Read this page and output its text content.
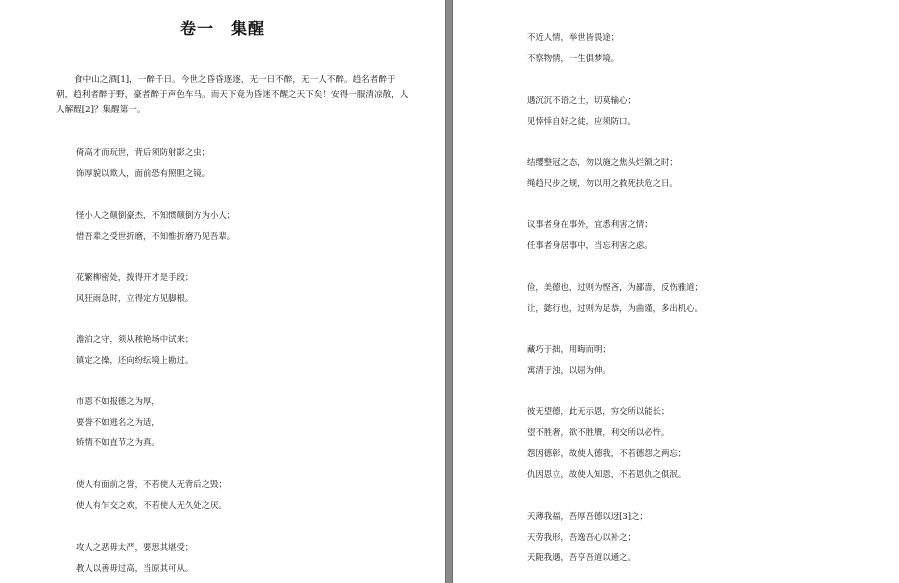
卷一　集醒
食中山之酒[1]，一醉千日。今世之昏昏逐逐，无一日不醉，无一人不醉。趋名者醉于朝，趋利者醉于野，豪者醉于声色车马。而天下竟为昏迷不醒之天下矣！安得一服清凉散，人人解酲[2]？集醒第一。
倚高才而玩世，背后须防射影之虫；
饰厚貌以欺人，面前恐有照胆之镜。
怪小人之颠倒豪杰，不知惯颠倒方为小人；
惜吾辈之受世折磨，不知惟折磨乃见吾辈。
花繁柳密处，拨得开才是手段；
风狂雨急时，立得定方见脚根。
澹泊之守，须从秾艳场中试来；
镇定之操，还向纷纭境上勘过。
市恩不如报德之为厚，
要誉不如逃名之为适，
矫情不如直节之为真。
使人有面前之誉，不若使人无背后之毁；
使人有乍交之欢，不若使人无久处之厌。
攻人之恶毋太严，要思其堪受；
教人以善毋过高，当原其可从。
不近人情，举世皆畏途；
不察物情，一生俱梦境。
遇沉沉不语之士，切莫输心；
见悻悻自好之徒，应须防口。
结缨整冠之态，勿以施之焦头烂额之时；
绳趋尺步之规，勿以用之救死扶危之日。
议事者身在事外，宜悉利害之情；
任事者身居事中，当忘利害之虑。
俭，美德也，过则为悭吝，为鄙啬，反伤雅道；
让，懿行也，过则为足恭，为曲谨，多出机心。
藏巧于拙，用晦而明；
寓清于浊，以屈为伸。
彼无望德，此无示恩，穷交所以能长；
望不胜奢，欲不胜餍，利交所以必忤。
怨因德彰，故使人德我，不若德怨之两忘；
仇因恩立，故使人知恩，不若恩仇之俱泯。
天薄我福，吾厚吾德以迓[3]之；
天劳我形，吾逸吾心以补之；
天阨我遇，吾亨吾道以通之。
